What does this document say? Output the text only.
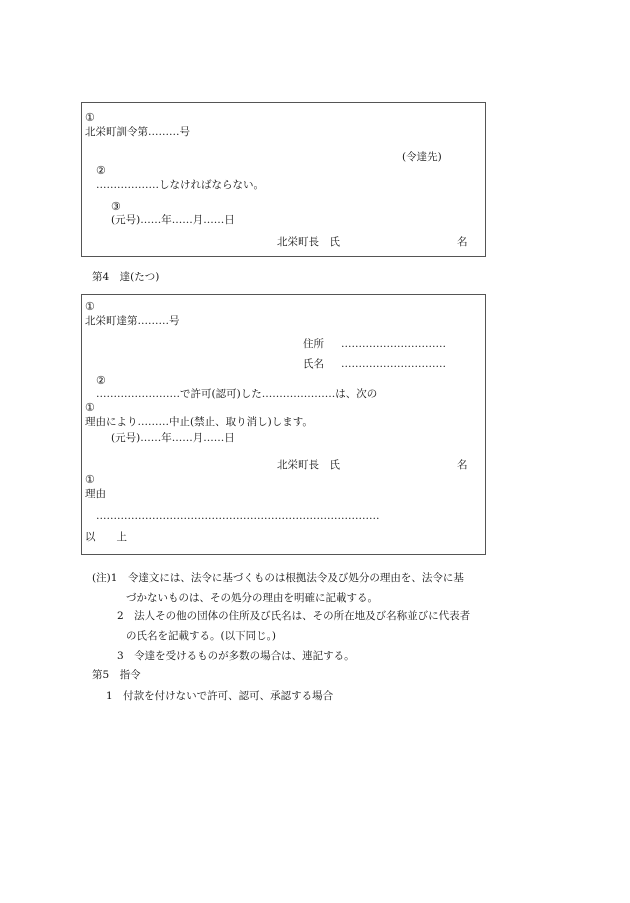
①
北栄町訓令第………号
(令達先)
②
………………しなければならない。
③
(元号)……年……月……日
北栄町長　氏	名
第4　達(たつ)
①
北栄町達第………号
住所 …………………………
氏名 …………………………
②
……………………で許可(認可)した…………………は、次の
①
理由により………中止(禁止、取り消し)します。
(元号)……年……月……日
北栄町長　氏	名
①
理由
………………………………………………………………………
以　　上
(注)1　令達文には、法令に基づくものは根拠法令及び処分の理由を、法令に基
づかないものは、その処分の理由を明確に記載する。
2　法人その他の団体の住所及び氏名は、その所在地及び名称並びに代表者
の氏名を記載する。(以下同じ。)
3　令達を受けるものが多数の場合は、連記する。
第5　指令
1　付款を付けないで許可、認可、承認する場合
